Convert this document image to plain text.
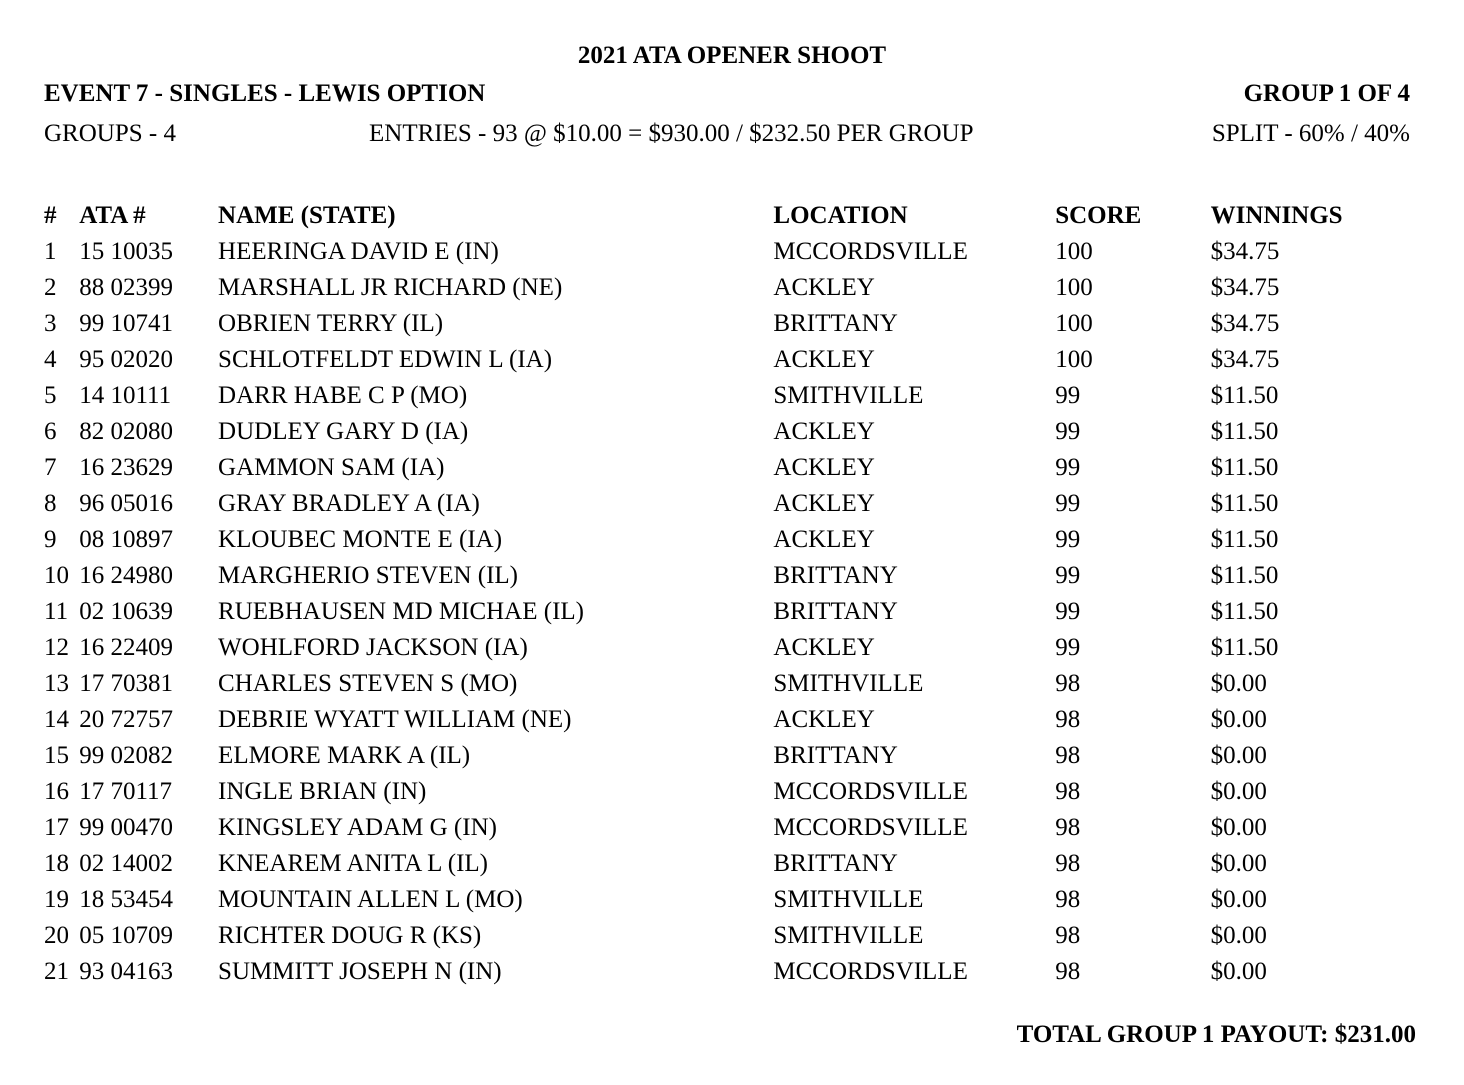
2021 ATA OPENER SHOOT
EVENT 7 - SINGLES - LEWIS OPTION	GROUP 1 OF 4
GROUPS - 4	ENTRIES - 93 @ $10.00 = $930.00 / $232.50 PER GROUP	SPLIT - 60% / 40%
#	ATA #	NAME (STATE)	LOCATION	SCORE	WINNINGS
1	15 10035	HEERINGA DAVID E (IN)	MCCORDSVILLE	100	$34.75
2	88 02399	MARSHALL JR RICHARD (NE)	ACKLEY	100	$34.75
3	99 10741	OBRIEN TERRY (IL)	BRITTANY	100	$34.75
4	95 02020	SCHLOTFELDT EDWIN L (IA)	ACKLEY	100	$34.75
5	14 10111	DARR HABE C P (MO)	SMITHVILLE	99	$11.50
6	82 02080	DUDLEY GARY D (IA)	ACKLEY	99	$11.50
7	16 23629	GAMMON SAM (IA)	ACKLEY	99	$11.50
8	96 05016	GRAY BRADLEY A (IA)	ACKLEY	99	$11.50
9	08 10897	KLOUBEC MONTE E (IA)	ACKLEY	99	$11.50
10	16 24980	MARGHERIO STEVEN (IL)	BRITTANY	99	$11.50
11	02 10639	RUEBHAUSEN MD MICHAE (IL)	BRITTANY	99	$11.50
12	16 22409	WOHLFORD JACKSON (IA)	ACKLEY	99	$11.50
13	17 70381	CHARLES STEVEN S (MO)	SMITHVILLE	98	$0.00
14	20 72757	DEBRIE WYATT WILLIAM (NE)	ACKLEY	98	$0.00
15	99 02082	ELMORE MARK A (IL)	BRITTANY	98	$0.00
16	17 70117	INGLE BRIAN (IN)	MCCORDSVILLE	98	$0.00
17	99 00470	KINGSLEY ADAM G (IN)	MCCORDSVILLE	98	$0.00
18	02 14002	KNEAREM ANITA L (IL)	BRITTANY	98	$0.00
19	18 53454	MOUNTAIN ALLEN L (MO)	SMITHVILLE	98	$0.00
20	05 10709	RICHTER DOUG R (KS)	SMITHVILLE	98	$0.00
21	93 04163	SUMMITT JOSEPH N (IN)	MCCORDSVILLE	98	$0.00
TOTAL GROUP 1 PAYOUT: $231.00
